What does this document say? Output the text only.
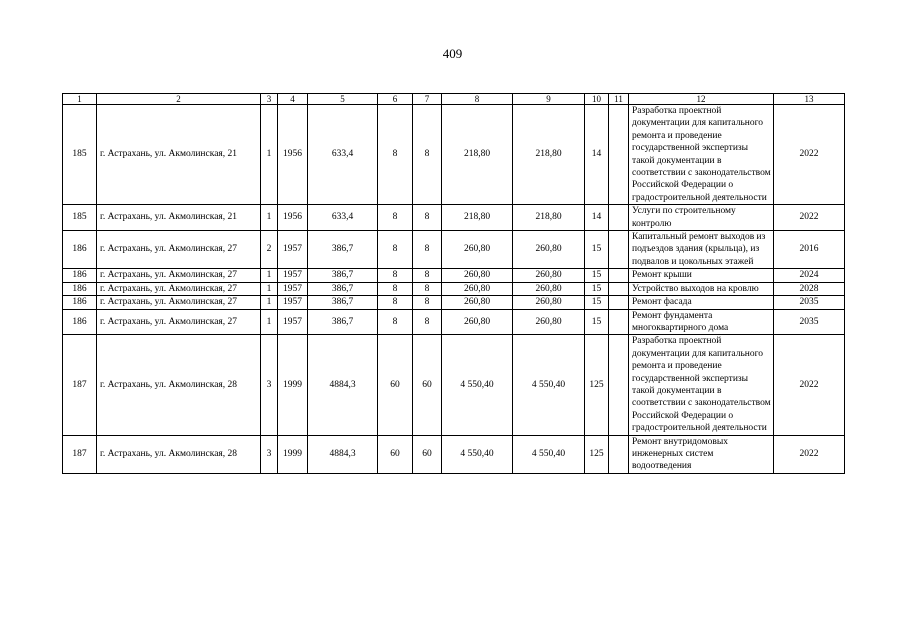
409
1	2	3	4	5	6	7	8	9	10	11	12	13
185	г. Астрахань, ул. Акмолинская, 21	1	1956	633,4	8	8	218,80	218,80	14		Разработка проектной документации для капитального ремонта и проведение государственной экспертизы такой документации в соответствии с законодательством Российской Федерации о градостроительной деятельности	2022
185	г. Астрахань, ул. Акмолинская, 21	1	1956	633,4	8	8	218,80	218,80	14		Услуги по строительному контролю	2022
186	г. Астрахань, ул. Акмолинская, 27	2	1957	386,7	8	8	260,80	260,80	15		Капитальный ремонт выходов из подъездов здания (крыльца), из подвалов и цокольных этажей	2016
186	г. Астрахань, ул. Акмолинская, 27	1	1957	386,7	8	8	260,80	260,80	15		Ремонт крыши	2024
186	г. Астрахань, ул. Акмолинская, 27	1	1957	386,7	8	8	260,80	260,80	15		Устройство выходов на кровлю	2028
186	г. Астрахань, ул. Акмолинская, 27	1	1957	386,7	8	8	260,80	260,80	15		Ремонт фасада	2035
186	г. Астрахань, ул. Акмолинская, 27	1	1957	386,7	8	8	260,80	260,80	15		Ремонт фундамента многоквартирного дома	2035
187	г. Астрахань, ул. Акмолинская, 28	3	1999	4884,3	60	60	4 550,40	4 550,40	125		Разработка проектной документации для капитального ремонта и проведение государственной экспертизы такой документации в соответствии с законодательством Российской Федерации о градостроительной деятельности	2022
187	г. Астрахань, ул. Акмолинская, 28	3	1999	4884,3	60	60	4 550,40	4 550,40	125		Ремонт внутридомовых инженерных систем водоотведения	2022
